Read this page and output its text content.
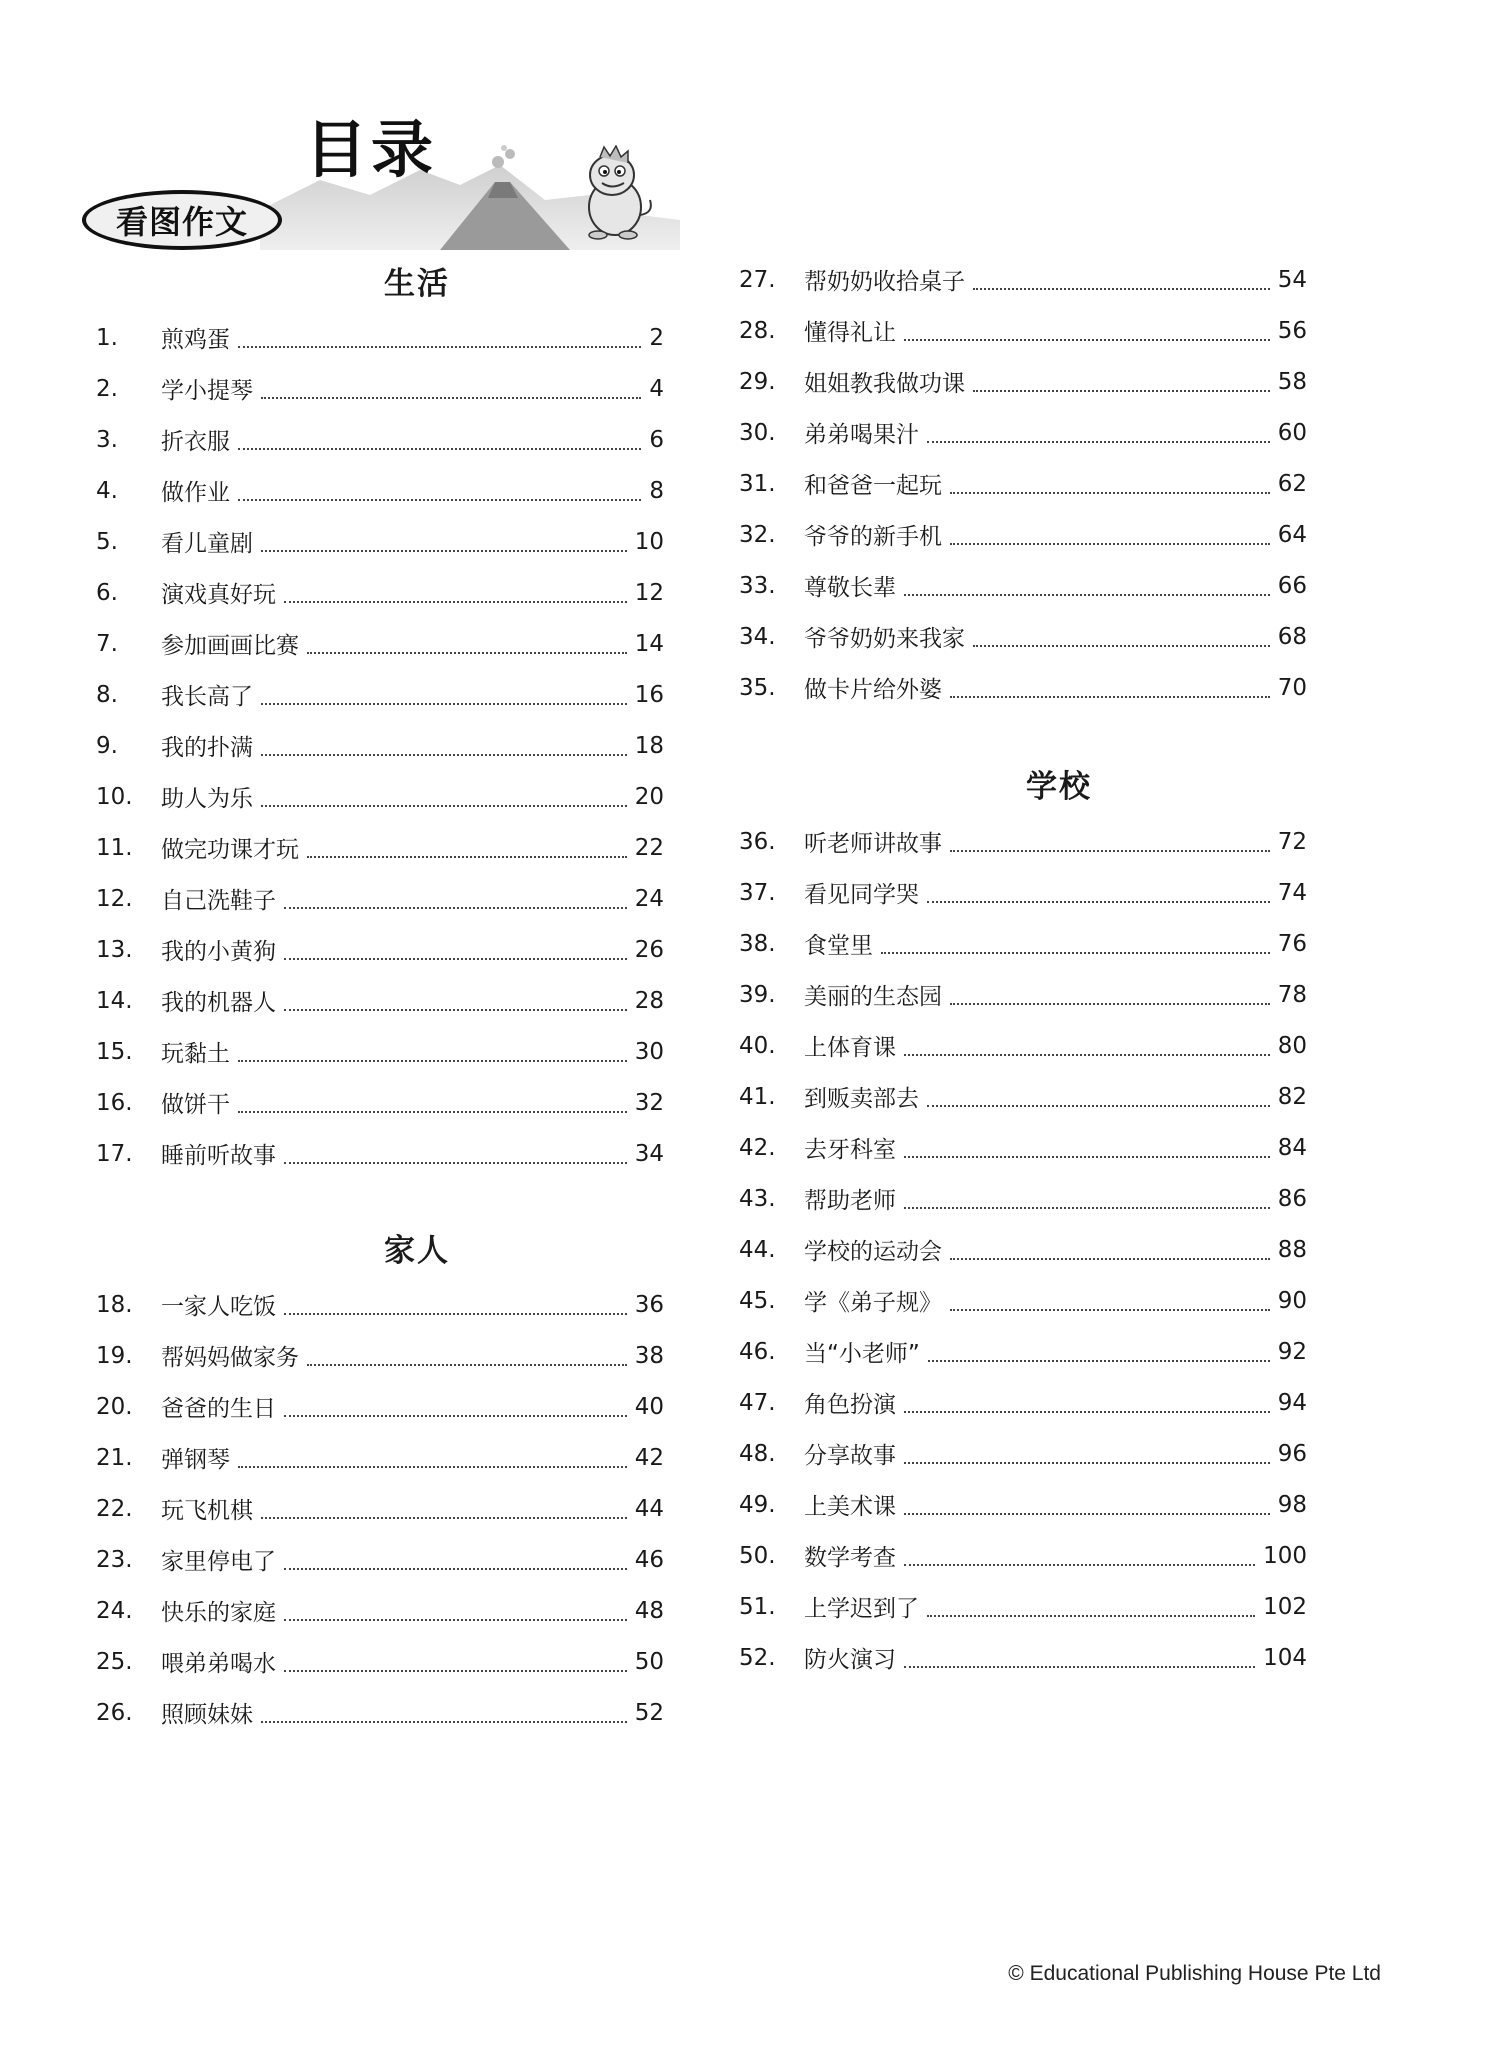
目录
看图作文
生活
1.	煎鸡蛋	2
2.	学小提琴	4
3.	折衣服	6
4.	做作业	8
5.	看儿童剧	10
6.	演戏真好玩	12
7.	参加画画比赛	14
8.	我长高了	16
9.	我的扑满	18
10.	助人为乐	20
11.	做完功课才玩	22
12.	自己洗鞋子	24
13.	我的小黄狗	26
14.	我的机器人	28
15.	玩黏土	30
16.	做饼干	32
17.	睡前听故事	34
家人
18.	一家人吃饭	36
19.	帮妈妈做家务	38
20.	爸爸的生日	40
21.	弹钢琴	42
22.	玩飞机棋	44
23.	家里停电了	46
24.	快乐的家庭	48
25.	喂弟弟喝水	50
26.	照顾妹妹	52
27.	帮奶奶收拾桌子	54
28.	懂得礼让	56
29.	姐姐教我做功课	58
30.	弟弟喝果汁	60
31.	和爸爸一起玩	62
32.	爷爷的新手机	64
33.	尊敬长辈	66
34.	爷爷奶奶来我家	68
35.	做卡片给外婆	70
学校
36.	听老师讲故事	72
37.	看见同学哭	74
38.	食堂里	76
39.	美丽的生态园	78
40.	上体育课	80
41.	到贩卖部去	82
42.	去牙科室	84
43.	帮助老师	86
44.	学校的运动会	88
45.	学《弟子规》	90
46.	当“小老师”	92
47.	角色扮演	94
48.	分享故事	96
49.	上美术课	98
50.	数学考查	100
51.	上学迟到了	102
52.	防火演习	104
© Educational Publishing House Pte Ltd
